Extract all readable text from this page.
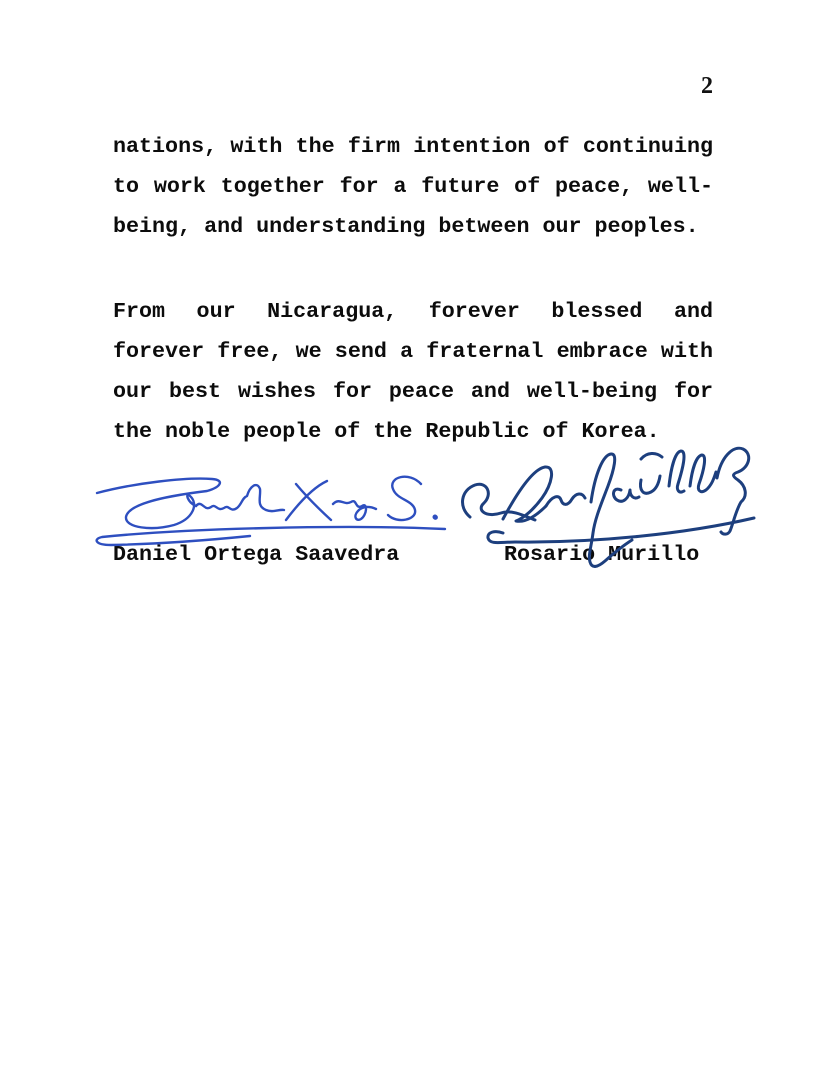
2
nations, with the firm intention of continuing
to work together for a future of peace, well-
being, and understanding between our peoples.
From our Nicaragua, forever blessed and
forever free, we send a fraternal embrace with
our best wishes for peace and well-being for
the noble people of the Republic of Korea.
Daniel Ortega Saavedra	Rosario Murillo
